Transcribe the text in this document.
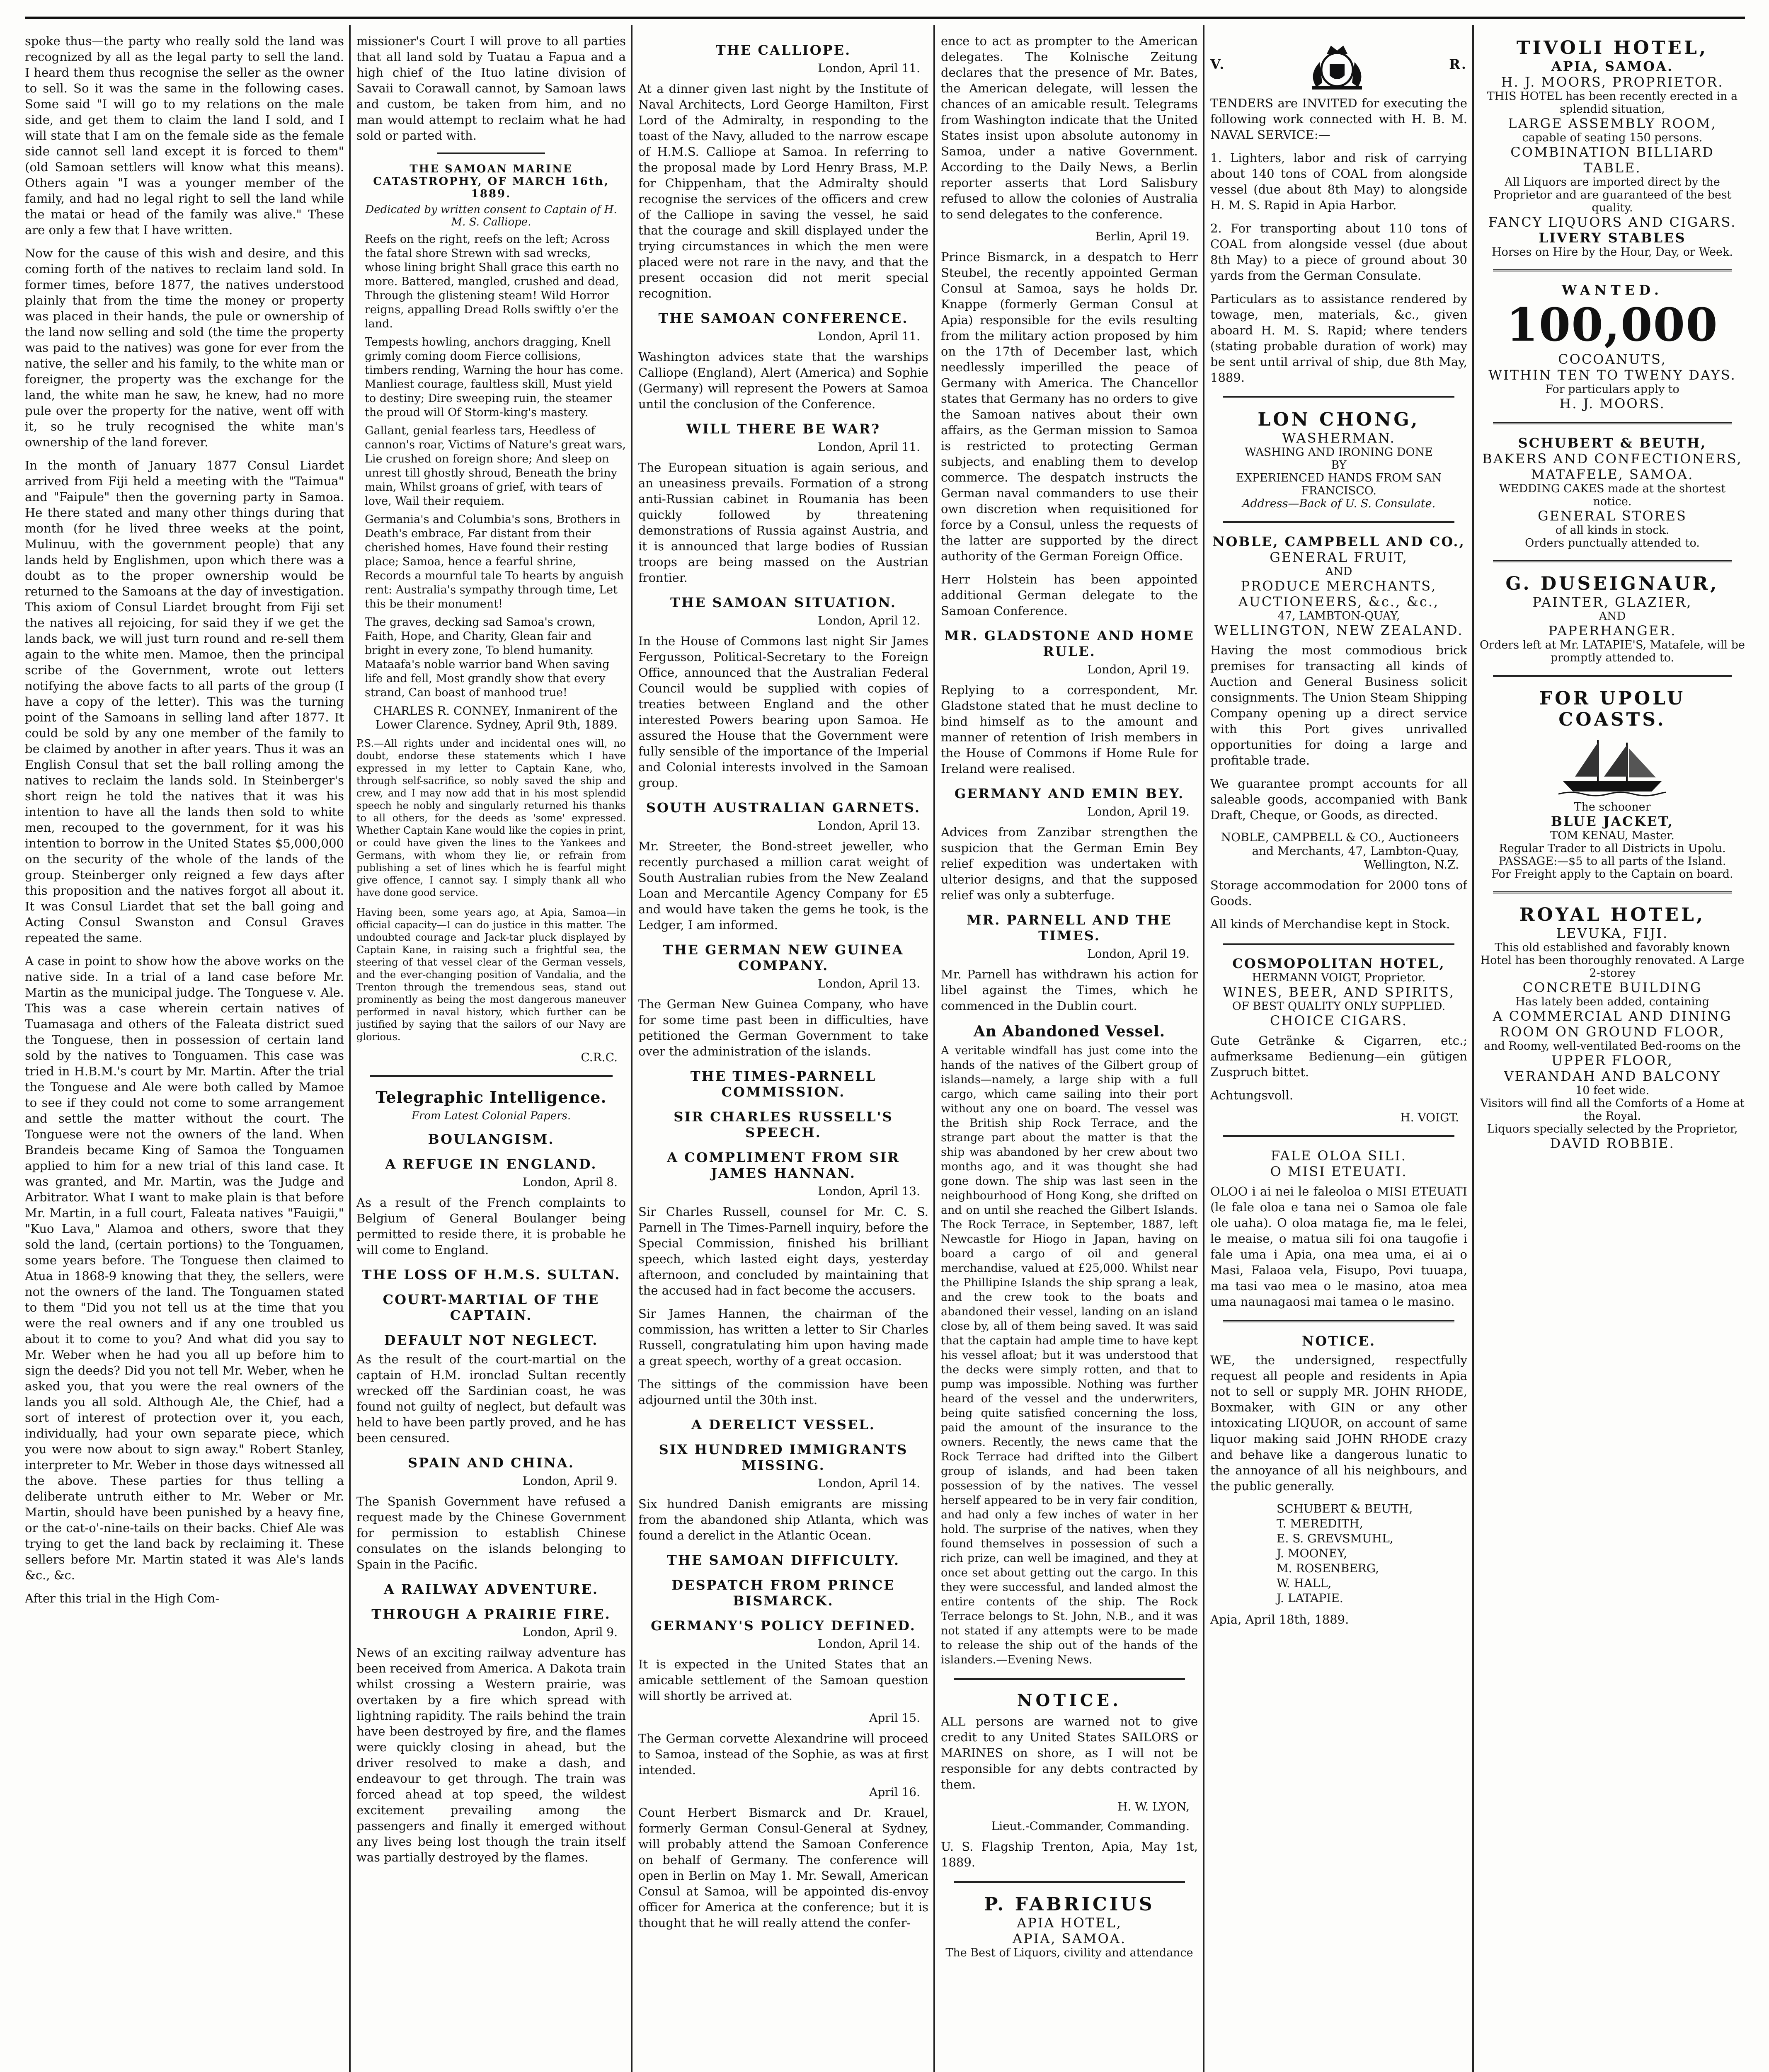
spoke thus—the party who really sold the land was recognized by all as the legal party to sell the land. I heard them thus recognise the seller as the owner to sell. So it was the same in the following cases. Some said "I will go to my relations on the male side, and get them to claim the land I sold, and I will state that I am on the female side as the female side cannot sell land except it is forced to them" (old Samoan settlers will know what this means). Others again "I was a younger member of the family, and had no legal right to sell the land while the matai or head of the family was alive." These are only a few that I have written.

Now for the cause of this wish and desire, and this coming forth of the natives to reclaim land sold. In former times, before 1877, the natives understood plainly that from the time the money or property was placed in their hands, the pule or ownership of the land now selling and sold (the time the property was paid to the natives) was gone for ever from the native, the seller and his family, to the white man or foreigner, the property was the exchange for the land, the white man he saw, he knew, had no more pule over the property for the native, went off with it, so he truly recognised the white man's ownership of the land forever.

In the month of January 1877 Consul Liardet arrived from Fiji held a meeting with the "Taimua" and "Faipule" then the governing party in Samoa. He there stated and many other things during that month (for he lived three weeks at the point, Mulinuu, with the government people) that any lands held by Englishmen, upon which there was a doubt as to the proper ownership would be returned to the Samoans at the day of investigation. This axiom of Consul Liardet brought from Fiji set the natives all rejoicing, for said they if we get the lands back, we will just turn round and re-sell them again to the white men. Mamoe, then the principal scribe of the Government, wrote out letters notifying the above facts to all parts of the group (I have a copy of the letter). This was the turning point of the Samoans in selling land after 1877. It could be sold by any one member of the family to be claimed by another in after years. Thus it was an English Consul that set the ball rolling among the natives to reclaim the lands sold. In Steinberger's short reign he told the natives that it was his intention to have all the lands then sold to white men, recouped to the government, for it was his intention to borrow in the United States $5,000,000 on the security of the whole of the lands of the group. Steinberger only reigned a few days after this proposition and the natives forgot all about it. It was Consul Liardet that set the ball going and Acting Consul Swanston and Consul Graves repeated the same.

A case in point to show how the above works on the native side. In a trial of a land case before Mr. Martin as the municipal judge. The Tonguese v. Ale. This was a case wherein certain natives of Tuamasaga and others of the Faleata district sued the Tonguese, then in possession of certain land sold by the natives to Tonguamen. This case was tried in H.B.M.'s court by Mr. Martin. After the trial the Tonguese and Ale were both called by Mamoe to see if they could not come to some arrangement and settle the matter without the court. The Tonguese were not the owners of the land. When Brandeis became King of Samoa the Tonguamen applied to him for a new trial of this land case. It was granted, and Mr. Martin, was the Judge and Arbitrator. What I want to make plain is that before Mr. Martin, in a full court, Faleata natives "Fauigii," "Kuo Lava," Alamoa and others, swore that they sold the land, (certain portions) to the Tonguamen, some years before. The Tonguese then claimed to Atua in 1868-9 knowing that they, the sellers, were not the owners of the land. The Tonguamen stated to them "Did you not tell us at the time that you were the real owners and if any one troubled us about it to come to you? And what did you say to Mr. Weber when he had you all up before him to sign the deeds? Did you not tell Mr. Weber, when he asked you, that you were the real owners of the lands you all sold. Although Ale, the Chief, had a sort of interest of protection over it, you each, individually, had your own separate piece, which you were now about to sign away." Robert Stanley, interpreter to Mr. Weber in those days witnessed all the above. These parties for thus telling a deliberate untruth either to Mr. Weber or Mr. Martin, should have been punished by a heavy fine, or the cat-o'-nine-tails on their backs. Chief Ale was trying to get the land back by reclaiming it. These sellers before Mr. Martin stated it was Ale's lands &c., &c.

After this trial in the High Com-

missioner's Court I will prove to all parties that all land sold by Tuatau a Fapua and a high chief of the Ituo latine division of Savaii to Corawall cannot, by Samoan laws and custom, be taken from him, and no man would attempt to reclaim what he had sold or parted with.

THE SAMOAN MARINE CATASTROPHY, OF MARCH 16th, 1889.
Dedicated by written consent to Captain of H. M. S. Calliope.

Reefs on the right, reefs on the left; Across the fatal shore Strewn with sad wrecks, whose lining bright Shall grace this earth no more. Battered, mangled, crushed and dead, Through the glistening steam! Wild Horror reigns, appalling Dread Rolls swiftly o'er the land.

Tempests howling, anchors dragging, Knell grimly coming doom Fierce collisions, timbers rending, Warning the hour has come. Manliest courage, faultless skill, Must yield to destiny; Dire sweeping ruin, the steamer the proud will Of Storm-king's mastery.

Gallant, genial fearless tars, Heedless of cannon's roar, Victims of Nature's great wars, Lie crushed on foreign shore; And sleep on unrest till ghostly shroud, Beneath the briny main, Whilst groans of grief, with tears of love, Wail their requiem.

Germania's and Columbia's sons, Brothers in Death's embrace, Far distant from their cherished homes, Have found their resting place; Samoa, hence a fearful shrine, Records a mournful tale To hearts by anguish rent: Australia's sympathy through time, Let this be their monument!

The graves, decking sad Samoa's crown, Faith, Hope, and Charity, Glean fair and bright in every zone, To blend humanity. Mataafa's noble warrior band When saving life and fell, Most grandly show that every strand, Can boast of manhood true!

CHARLES R. CONNEY, Inmanirent of the Lower Clarence. Sydney, April 9th, 1889.

P.S.—All rights under and incidental ones will, no doubt, endorse these statements which I have expressed in my letter to Captain Kane, who, through self-sacrifice, so nobly saved the ship and crew, and I may now add that in his most splendid speech he nobly and singularly returned his thanks to all others, for the deeds as 'some' expressed. Whether Captain Kane would like the copies in print, or could have given the lines to the Yankees and Germans, with whom they lie, or refrain from publishing a set of lines which he is fearful might give offence, I cannot say. I simply thank all who have done good service.

Having been, some years ago, at Apia, Samoa—in official capacity—I can do justice in this matter. The undoubted courage and Jack-tar pluck displayed by Captain Kane, in raising such a frightful sea, the steering of that vessel clear of the German vessels, and the ever-changing position of Vandalia, and the Trenton through the tremendous seas, stand out prominently as being the most dangerous maneuver performed in naval history, which further can be justified by saying that the sailors of our Navy are glorious.

C.R.C.
Telegraphic Intelligence.
From Latest Colonial Papers.
BOULANGISM.
A REFUGE IN ENGLAND.
London, April 8.

As a result of the French complaints to Belgium of General Boulanger being permitted to reside there, it is probable he will come to England.

THE LOSS OF H.M.S. SULTAN.
COURT-MARTIAL OF THE CAPTAIN.
DEFAULT NOT NEGLECT.

As the result of the court-martial on the captain of H.M. ironclad Sultan recently wrecked off the Sardinian coast, he was found not guilty of neglect, but default was held to have been partly proved, and he has been censured.

SPAIN AND CHINA.
London, April 9.

The Spanish Government have refused a request made by the Chinese Government for permission to establish Chinese consulates on the islands belonging to Spain in the Pacific.

A RAILWAY ADVENTURE.
THROUGH A PRAIRIE FIRE.
London, April 9.

News of an exciting railway adventure has been received from America. A Dakota train whilst crossing a Western prairie, was overtaken by a fire which spread with lightning rapidity. The rails behind the train have been destroyed by fire, and the flames were quickly closing in ahead, but the driver resolved to make a dash, and endeavour to get through. The train was forced ahead at top speed, the wildest excitement prevailing among the passengers and finally it emerged without any lives being lost though the train itself was partially destroyed by the flames.

THE CALLIOPE.
London, April 11.

At a dinner given last night by the Institute of Naval Architects, Lord George Hamilton, First Lord of the Admiralty, in responding to the toast of the Navy, alluded to the narrow escape of H.M.S. Calliope at Samoa. In referring to the proposal made by Lord Henry Brass, M.P. for Chippenham, that the Admiralty should recognise the services of the officers and crew of the Calliope in saving the vessel, he said that the courage and skill displayed under the trying circumstances in which the men were placed were not rare in the navy, and that the present occasion did not merit special recognition.

THE SAMOAN CONFERENCE.
London, April 11.

Washington advices state that the warships Calliope (England), Alert (America) and Sophie (Germany) will represent the Powers at Samoa until the conclusion of the Conference.

WILL THERE BE WAR?
London, April 11.

The European situation is again serious, and an uneasiness prevails. Formation of a strong anti-Russian cabinet in Roumania has been quickly followed by threatening demonstrations of Russia against Austria, and it is announced that large bodies of Russian troops are being massed on the Austrian frontier.

THE SAMOAN SITUATION.
London, April 12.

In the House of Commons last night Sir James Fergusson, Political-Secretary to the Foreign Office, announced that the Australian Federal Council would be supplied with copies of treaties between England and the other interested Powers bearing upon Samoa. He assured the House that the Government were fully sensible of the importance of the Imperial and Colonial interests involved in the Samoan group.

SOUTH AUSTRALIAN GARNETS.
London, April 13.

Mr. Streeter, the Bond-street jeweller, who recently purchased a million carat weight of South Australian rubies from the New Zealand Loan and Mercantile Agency Company for £5 and would have taken the gems he took, is the Ledger, I am informed.

THE GERMAN NEW GUINEA COMPANY.
London, April 13.

The German New Guinea Company, who have for some time past been in difficulties, have petitioned the German Government to take over the administration of the islands.

THE TIMES-PARNELL COMMISSION.
SIR CHARLES RUSSELL'S SPEECH.
A COMPLIMENT FROM SIR JAMES HANNAN.
London, April 13.

Sir Charles Russell, counsel for Mr. C. S. Parnell in The Times-Parnell inquiry, before the Special Commission, finished his brilliant speech, which lasted eight days, yesterday afternoon, and concluded by maintaining that the accused had in fact become the accusers.

Sir James Hannen, the chairman of the commission, has written a letter to Sir Charles Russell, congratulating him upon having made a great speech, worthy of a great occasion.

The sittings of the commission have been adjourned until the 30th inst.

A DERELICT VESSEL.
SIX HUNDRED IMMIGRANTS MISSING.
London, April 14.

Six hundred Danish emigrants are missing from the abandoned ship Atlanta, which was found a derelict in the Atlantic Ocean.

THE SAMOAN DIFFICULTY.
DESPATCH FROM PRINCE BISMARCK.
GERMANY'S POLICY DEFINED.
London, April 14.

It is expected in the United States that an amicable settlement of the Samoan question will shortly be arrived at.

April 15.

The German corvette Alexandrine will proceed to Samoa, instead of the Sophie, as was at first intended.

April 16.

Count Herbert Bismarck and Dr. Krauel, formerly German Consul-General at Sydney, will probably attend the Samoan Conference on behalf of Germany. The conference will open in Berlin on May 1. Mr. Sewall, American Consul at Samoa, will be appointed dis-envoy officer for America at the conference; but it is thought that he will really attend the confer-

ence to act as prompter to the American delegates. The Kolnische Zeitung declares that the presence of Mr. Bates, the American delegate, will lessen the chances of an amicable result. Telegrams from Washington indicate that the United States insist upon absolute autonomy in Samoa, under a native Government. According to the Daily News, a Berlin reporter asserts that Lord Salisbury refused to allow the colonies of Australia to send delegates to the conference.

Berlin, April 19.

Prince Bismarck, in a despatch to Herr Steubel, the recently appointed German Consul at Samoa, says he holds Dr. Knappe (formerly German Consul at Apia) responsible for the evils resulting from the military action proposed by him on the 17th of December last, which needlessly imperilled the peace of Germany with America. The Chancellor states that Germany has no orders to give the Samoan natives about their own affairs, as the German mission to Samoa is restricted to protecting German subjects, and enabling them to develop commerce. The despatch instructs the German naval commanders to use their own discretion when requisitioned for force by a Consul, unless the requests of the latter are supported by the direct authority of the German Foreign Office.

Herr Holstein has been appointed additional German delegate to the Samoan Conference.

MR. GLADSTONE AND HOME RULE.
London, April 19.

Replying to a correspondent, Mr. Gladstone stated that he must decline to bind himself as to the amount and manner of retention of Irish members in the House of Commons if Home Rule for Ireland were realised.

GERMANY AND EMIN BEY.
London, April 19.

Advices from Zanzibar strengthen the suspicion that the German Emin Bey relief expedition was undertaken with ulterior designs, and that the supposed relief was only a subterfuge.

MR. PARNELL AND THE TIMES.
London, April 19.

Mr. Parnell has withdrawn his action for libel against the Times, which he commenced in the Dublin court.

An Abandoned Vessel.

A veritable windfall has just come into the hands of the natives of the Gilbert group of islands—namely, a large ship with a full cargo, which came sailing into their port without any one on board. The vessel was the British ship Rock Terrace, and the strange part about the matter is that the ship was abandoned by her crew about two months ago, and it was thought she had gone down. The ship was last seen in the neighbourhood of Hong Kong, she drifted on and on until she reached the Gilbert Islands. The Rock Terrace, in September, 1887, left Newcastle for Hiogo in Japan, having on board a cargo of oil and general merchandise, valued at £25,000. Whilst near the Phillipine Islands the ship sprang a leak, and the crew took to the boats and abandoned their vessel, landing on an island close by, all of them being saved. It was said that the captain had ample time to have kept his vessel afloat; but it was understood that the decks were simply rotten, and that to pump was impossible. Nothing was further heard of the vessel and the underwriters, being quite satisfied concerning the loss, paid the amount of the insurance to the owners. Recently, the news came that the Rock Terrace had drifted into the Gilbert group of islands, and had been taken possession of by the natives. The vessel herself appeared to be in very fair condition, and had only a few inches of water in her hold. The surprise of the natives, when they found themselves in possession of such a rich prize, can well be imagined, and they at once set about getting out the cargo. In this they were successful, and landed almost the entire contents of the ship. The Rock Terrace belongs to St. John, N.B., and it was not stated if any attempts were to be made to release the ship out of the hands of the islanders.—Evening News.

NOTICE.

ALL persons are warned not to give credit to any United States SAILORS or MARINES on shore, as I will not be responsible for any debts contracted by them.

H. W. LYON,
Lieut.-Commander, Commanding.

U. S. Flagship Trenton, Apia, May 1st, 1889.

P. FABRICIUS
APIA HOTEL,
APIA, SAMOA.
The Best of Liquors, civility and attendance
V.	R.

TENDERS are INVITED for executing the following work connected with H. B. M. NAVAL SERVICE:—

1. Lighters, labor and risk of carrying about 140 tons of COAL from alongside vessel (due about 8th May) to alongside H. M. S. Rapid in Apia Harbor.

2. For transporting about 110 tons of COAL from alongside vessel (due about 8th May) to a piece of ground about 30 yards from the German Consulate.

Particulars as to assistance rendered by towage, men, materials, &c., given aboard H. M. S. Rapid; where tenders (stating probable duration of work) may be sent until arrival of ship, due 8th May, 1889.

LON CHONG,
WASHERMAN.
WASHING AND IRONING DONE
BY
EXPERIENCED HANDS FROM SAN FRANCISCO.
Address—Back of U. S. Consulate.
NOBLE, CAMPBELL AND CO.,
GENERAL FRUIT,
AND
PRODUCE MERCHANTS,
AUCTIONEERS, &c., &c.,
47, LAMBTON-QUAY,
WELLINGTON, NEW ZEALAND.

Having the most commodious brick premises for transacting all kinds of Auction and General Business solicit consignments. The Union Steam Shipping Company opening up a direct service with this Port gives unrivalled opportunities for doing a large and profitable trade.

We guarantee prompt accounts for all saleable goods, accompanied with Bank Draft, Cheque, or Goods, as directed.

NOBLE, CAMPBELL & CO., Auctioneers and Merchants, 47, Lambton-Quay, Wellington, N.Z.

Storage accommodation for 2000 tons of Goods.

All kinds of Merchandise kept in Stock.

COSMOPOLITAN HOTEL,
HERMANN VOIGT, Proprietor.
WINES, BEER, AND SPIRITS,
OF BEST QUALITY ONLY SUPPLIED.
CHOICE CIGARS.

Gute Getränke & Cigarren, etc.; aufmerksame Bedienung—ein gütigen Zuspruch bittet.

Achtungsvoll.

H. VOIGT.
FALE OLOA SILI.
O MISI ETEUATI.

OLOO i ai nei le faleoloa o MISI ETEUATI (le fale oloa e tana nei o Samoa ole fale ole uaha). O oloa mataga fie, ma le felei, le meaise, o matua sili foi ona taugofie i fale uma i Apia, ona mea uma, ei ai o Masi, Falaoa vela, Fisupo, Povi tuuapa, ma tasi vao mea o le masino, atoa mea uma naunagaosi mai tamea o le masino.

NOTICE.

WE, the undersigned, respectfully request all people and residents in Apia not to sell or supply MR. JOHN RHODE, Boxmaker, with GIN or any other intoxicating LIQUOR, on account of same liquor making said JOHN RHODE crazy and behave like a dangerous lunatic to the annoyance of all his neighbours, and the public generally.

SCHUBERT & BEUTH,
T. MEREDITH,
E. S. GREVSMUHL,
J. MOONEY,
M. ROSENBERG,
W. HALL,
J. LATAPIE.

Apia, April 18th, 1889.

TIVOLI HOTEL,
APIA, SAMOA.
H. J. MOORS, PROPRIETOR.
THIS HOTEL has been recently erected in a splendid situation,
LARGE ASSEMBLY ROOM,
capable of seating 150 persons.
COMBINATION BILLIARD TABLE.
All Liquors are imported direct by the Proprietor and are guaranteed of the best quality.
FANCY LIQUORS AND CIGARS.
LIVERY STABLES
Horses on Hire by the Hour, Day, or Week.
WANTED.
100,000 COCOANUTS,
WITHIN TEN TO TWENY DAYS.
For particulars apply to
H. J. MOORS.
SCHUBERT & BEUTH,
BAKERS AND CONFECTIONERS,
MATAFELE, SAMOA.
WEDDING CAKES made at the shortest notice.
GENERAL STORES
of all kinds in stock.
Orders punctually attended to.
G. DUSEIGNAUR,
PAINTER, GLAZIER,
AND
PAPERHANGER.
Orders left at Mr. LATAPIE'S, Matafele, will be promptly attended to.
FOR UPOLU
COASTS.
The schooner
BLUE JACKET,
TOM KENAU, Master.
Regular Trader to all Districts in Upolu.
PASSAGE:—$5 to all parts of the Island.
For Freight apply to the Captain on board.
ROYAL HOTEL,
LEVUKA, FIJI.
This old established and favorably known Hotel has been thoroughly renovated. A Large 2-storey
CONCRETE BUILDING
Has lately been added, containing
A COMMERCIAL AND DINING ROOM ON GROUND FLOOR,
and Roomy, well-ventilated Bed-rooms on the
UPPER FLOOR,
VERANDAH AND BALCONY
10 feet wide.
Visitors will find all the Comforts of a Home at the Royal.
Liquors specially selected by the Proprietor,
DAVID ROBBIE.
